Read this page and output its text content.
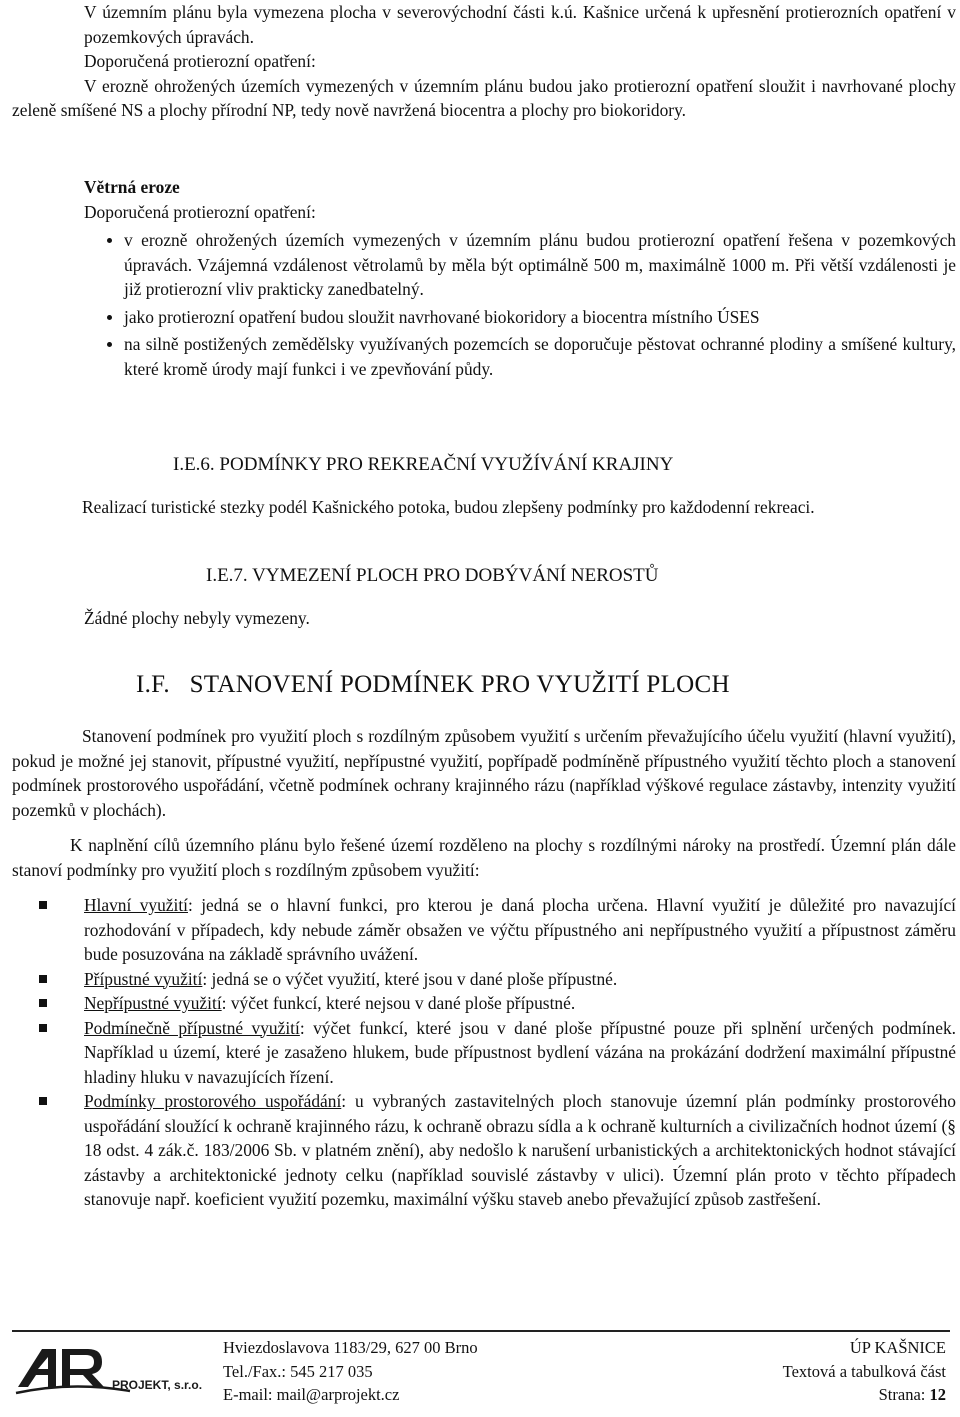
V územním plánu byla vymezena plocha v severovýchodní části k.ú. Kašnice určená k upřesnění protierozních opatření v pozemkových úpravách.

Doporučená protierozní opatření:

V erozně ohrožených územích vymezených v územním plánu budou jako protierozní opatření sloužit i navrhované plochy zeleně smíšené NS a plochy přírodní NP, tedy nově navržená biocentra a plochy pro biokoridory.

Větrná eroze

Doporučená protierozní opatření:

v erozně ohrožených územích vymezených v územním plánu budou protierozní opatření řešena v pozemkových úpravách. Vzájemná vzdálenost větrolamů by měla být optimálně 500 m, maximálně 1000 m. Při větší vzdálenosti je již protierozní vliv prakticky zanedbatelný.
jako protierozní opatření budou sloužit navrhované biokoridory a biocentra místního ÚSES
na silně postižených zemědělsky využívaných pozemcích se doporučuje pěstovat ochranné plodiny a smíšené kultury, které kromě úrody mají funkci i ve zpevňování půdy.
I.E.6. PODMÍNKY PRO REKREAČNÍ VYUŽÍVÁNÍ KRAJINY

Realizací turistické stezky podél Kašnického potoka, budou zlepšeny podmínky pro každodenní rekreaci.

I.E.7. VYMEZENÍ PLOCH PRO DOBÝVÁNÍ NEROSTŮ

Žádné plochy nebyly vymezeny.

I.F.   STANOVENÍ PODMÍNEK PRO VYUŽITÍ PLOCH

Stanovení podmínek pro využití ploch s rozdílným způsobem využití s určením převažujícího účelu využití (hlavní využití), pokud je možné jej stanovit, přípustné využití, nepřípustné využití, popřípadě podmíněně přípustného využití těchto ploch a stanovení podmínek prostorového uspořádání, včetně podmínek ochrany krajinného rázu (například výškové regulace zástavby, intenzity využití pozemků v plochách).

K naplnění cílů územního plánu bylo řešené území rozděleno na plochy s rozdílnými nároky na prostředí. Územní plán dále stanoví podmínky pro využití ploch s rozdílným způsobem využití:

Hlavní využití: jedná se o hlavní funkci, pro kterou je daná plocha určena. Hlavní využití je důležité pro navazující rozhodování v případech, kdy nebude záměr obsažen ve výčtu přípustného ani nepřípustného využití a přípustnost záměru bude posuzována na základě správního uvážení.
Přípustné využití: jedná se o výčet využití, které jsou v dané ploše přípustné.
Nepřípustné využití: výčet funkcí, které nejsou v dané ploše přípustné.
Podmínečně přípustné využití: výčet funkcí, které jsou v dané ploše přípustné pouze při splnění určených podmínek. Například u území, které je zasaženo hlukem, bude přípustnost bydlení vázána na prokázání dodržení maximální přípustné hladiny hluku v navazujících řízení.
Podmínky prostorového uspořádání: u vybraných zastavitelných ploch stanovuje územní plán podmínky prostorového uspořádání sloužící k ochraně krajinného rázu, k ochraně obrazu sídla a k ochraně kulturních a civilizačních hodnot území (§ 18 odst. 4 zák.č. 183/2006 Sb. v platném znění), aby nedošlo k narušení urbanistických a architektonických hodnot stávající zástavby a architektonické jednoty celku (například souvislé zástavby v ulici). Územní plán proto v těchto případech stanovuje např. koeficient využití pozemku, maximální výšku staveb anebo převažující způsob zastřešení.
PROJEKT, s.r.o.
Hviezdoslavova 1183/29, 627 00 Brno
Tel./Fax.: 545 217 035
E-mail: mail@arprojekt.cz
ÚP KAŠNICE
Textová a tabulková část
Strana: 12
